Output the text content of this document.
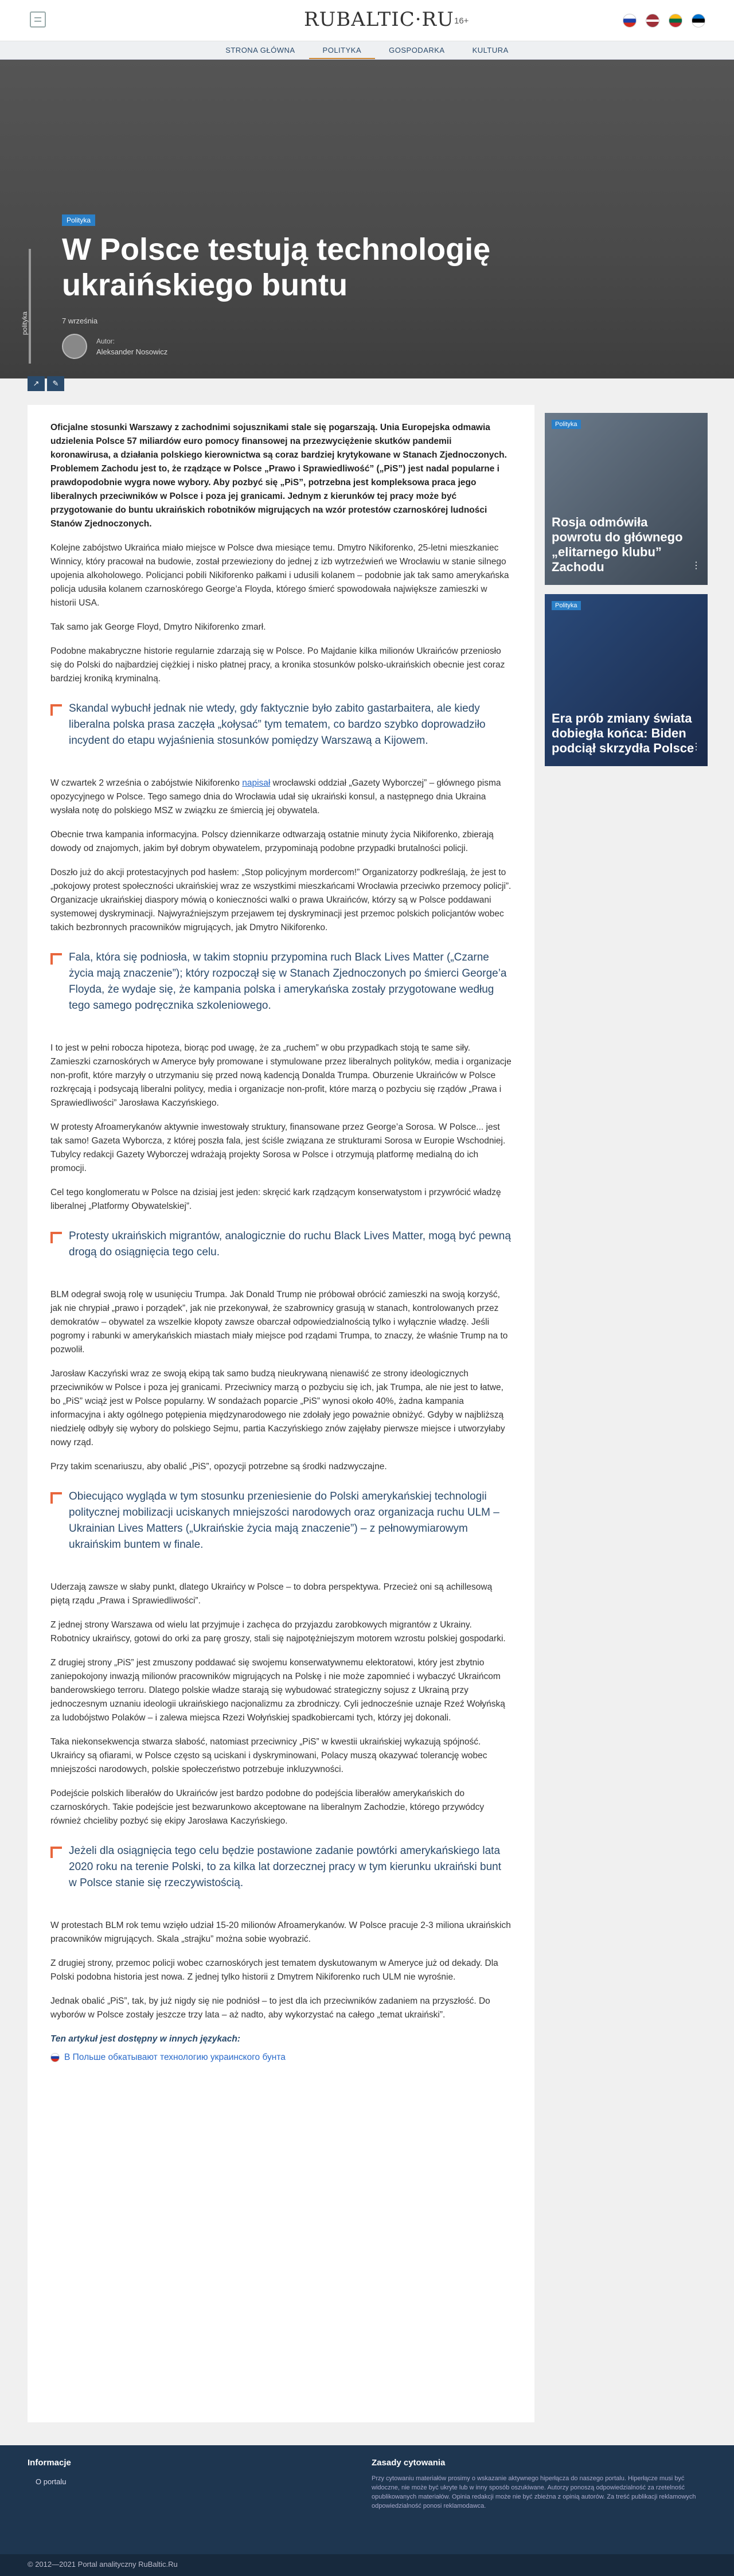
RUBALTIC·RU 16+
STRONA GŁÓWNA	POLITYKA	GOSPODARKA	KULTURA
polityka
Polityka
W Polsce testują technologię ukraińskiego buntu
7 września
Autor:
Aleksander Nosowicz
↗	✎

Oficjalne stosunki Warszawy z zachodnimi sojusznikami stale się pogarszają. Unia Europejska odmawia udzielenia Polsce 57 miliardów euro pomocy finansowej na przezwyciężenie skutków pandemii koronawirusa, a działania polskiego kierownictwa są coraz bardziej krytykowane w Stanach Zjednoczonych. Problemem Zachodu jest to, że rządzące w Polsce „Prawo i Sprawiedliwość” („PiS”) jest nadal popularne i prawdopodobnie wygra nowe wybory. Aby pozbyć się „PiS”, potrzebna jest kompleksowa praca jego liberalnych przeciwników w Polsce i poza jej granicami. Jednym z kierunków tej pracy może być przygotowanie do buntu ukraińskich robotników migrujących na wzór protestów czarnoskórej ludności Stanów Zjednoczonych.

Kolejne zabójstwo Ukraińca miało miejsce w Polsce dwa miesiące temu. Dmytro Nikiforenko, 25-letni mieszkaniec Winnicy, który pracował na budowie, został przewieziony do jednej z izb wytrzeźwień we Wrocławiu w stanie silnego upojenia alkoholowego. Policjanci pobili Nikiforenko pałkami i udusili kolanem – podobnie jak tak samo amerykańska policja udusiła kolanem czarnoskórego George’a Floyda, którego śmierć spowodowała największe zamieszki w historii USA.

Tak samo jak George Floyd, Dmytro Nikiforenko zmarł.

Podobne makabryczne historie regularnie zdarzają się w Polsce. Po Majdanie kilka milionów Ukraińców przeniosło się do Polski do najbardziej ciężkiej i nisko płatnej pracy, a kronika stosunków polsko-ukraińskich obecnie jest coraz bardziej kroniką kryminalną.

Skandal wybuchł jednak nie wtedy, gdy faktycznie było zabito gastarbaitera, ale kiedy liberalna polska prasa zaczęła „kołysać” tym tematem, co bardzo szybko doprowadziło incydent do etapu wyjaśnienia stosunków pomiędzy Warszawą a Kijowem.

W czwartek 2 września o zabójstwie Nikiforenko napisał wrocławski oddział „Gazety Wyborczej” – głównego pisma opozycyjnego w Polsce. Tego samego dnia do Wrocławia udał się ukraiński konsul, a następnego dnia Ukraina wysłała notę do polskiego MSZ w związku ze śmiercią jej obywatela.

Obecnie trwa kampania informacyjna. Polscy dziennikarze odtwarzają ostatnie minuty życia Nikiforenko, zbierają dowody od znajomych, jakim był dobrym obywatelem, przypominają podobne przypadki brutalności policji.

Doszło już do akcji protestacyjnych pod hasłem: „Stop policyjnym mordercom!” Organizatorzy podkreślają, że jest to „pokojowy protest społeczności ukraińskiej wraz ze wszystkimi mieszkańcami Wrocławia przeciwko przemocy policji”. Organizacje ukraińskiej diaspory mówią o konieczności walki o prawa Ukraińców, którzy są w Polsce poddawani systemowej dyskryminacji. Najwyraźniejszym przejawem tej dyskryminacji jest przemoc polskich policjantów wobec takich bezbronnych pracowników migrujących, jak Dmytro Nikiforenko.

Fala, która się podniosła, w takim stopniu przypomina ruch Black Lives Matter („Czarne życia mają znaczenie”); który rozpoczął się w Stanach Zjednoczonych po śmierci George’a Floyda, że wydaje się, że kampania polska i amerykańska zostały przygotowane według tego samego podręcznika szkoleniowego.

I to jest w pełni robocza hipoteza, biorąc pod uwagę, że za „ruchem” w obu przypadkach stoją te same siły. Zamieszki czarnoskórych w Ameryce były promowane i stymulowane przez liberalnych polityków, media i organizacje non-profit, które marzyły o utrzymaniu się przed nową kadencją Donalda Trumpa. Oburzenie Ukraińców w Polsce rozkręcają i podsycają liberalni politycy, media i organizacje non-profit, które marzą o pozbyciu się rządów „Prawa i Sprawiedliwości” Jarosława Kaczyńskiego.

W protesty Afroamerykanów aktywnie inwestowały struktury, finansowane przez George’a Sorosa. W Polsce... jest tak samo! Gazeta Wyborcza, z której poszła fala, jest ściśle związana ze strukturami Sorosa w Europie Wschodniej. Tubylcy redakcji Gazety Wyborczej wdrażają projekty Sorosa w Polsce i otrzymują platformę medialną do ich promocji.

Cel tego konglomeratu w Polsce na dzisiaj jest jeden: skręcić kark rządzącym konserwatystom i przywrócić władzę liberalnej „Platformy Obywatelskiej”.

Protesty ukraińskich migrantów, analogicznie do ruchu Black Lives Matter, mogą być pewną drogą do osiągnięcia tego celu.

BLM odegrał swoją rolę w usunięciu Trumpa. Jak Donald Trump nie próbował obrócić zamieszki na swoją korzyść, jak nie chrypiał „prawo i porządek”, jak nie przekonywał, że szabrownicy grasują w stanach, kontrolowanych przez demokratów – obywatel za wszelkie kłopoty zawsze obarczał odpowiedzialnością tylko i wyłącznie władzę. Jeśli pogromy i rabunki w amerykańskich miastach miały miejsce pod rządami Trumpa, to znaczy, że właśnie Trump na to pozwolił.

Jarosław Kaczyński wraz ze swoją ekipą tak samo budzą nieukrywaną nienawiść ze strony ideologicznych przeciwników w Polsce i poza jej granicami. Przeciwnicy marzą o pozbyciu się ich, jak Trumpa, ale nie jest to łatwe, bo „PiS” wciąż jest w Polsce popularny. W sondażach poparcie „PiS” wynosi około 40%, żadna kampania informacyjna i akty ogólnego potępienia międzynarodowego nie zdołały jego poważnie obniżyć. Gdyby w najbliższą niedzielę odbyły się wybory do polskiego Sejmu, partia Kaczyńskiego znów zajęłaby pierwsze miejsce i utworzyłaby nowy rząd.

Przy takim scenariuszu, aby obalić „PiS”, opozycji potrzebne są środki nadzwyczajne.

Obiecująco wygląda w tym stosunku przeniesienie do Polski amerykańskiej technologii politycznej mobilizacji uciskanych mniejszości narodowych oraz organizacja ruchu ULM – Ukrainian Lives Matters („Ukraińskie życia mają znaczenie”) – z pełnowymiarowym ukraińskim buntem w finale.

Uderzają zawsze w słaby punkt, dlatego Ukraińcy w Polsce – to dobra perspektywa. Przecież oni są achillesową piętą rządu „Prawa i Sprawiedliwości”.

Z jednej strony Warszawa od wielu lat przyjmuje i zachęca do przyjazdu zarobkowych migrantów z Ukrainy. Robotnicy ukraińscy, gotowi do orki za parę groszy, stali się najpotężniejszym motorem wzrostu polskiej gospodarki.

Z drugiej strony „PiS” jest zmuszony poddawać się swojemu konserwatywnemu elektoratowi, który jest zbytnio zaniepokojony inwazją milionów pracowników migrujących na Polskę i nie może zapomnieć i wybaczyć Ukraińcom banderowskiego terroru. Dlatego polskie władze starają się wybudować strategiczny sojusz z Ukrainą przy jednoczesnym uznaniu ideologii ukraińskiego nacjonalizmu za zbrodniczy. Cyli jednocześnie uznaje Rzeź Wołyńską za ludobójstwo Polaków – i zalewa miejsca Rzezi Wołyńskiej spadkobiercami tych, którzy jej dokonali.

Taka niekonsekwencja stwarza słabość, natomiast przeciwnicy „PiS” w kwestii ukraińskiej wykazują spójność. Ukraińcy są ofiarami, w Polsce często są uciskani i dyskryminowani, Polacy muszą okazywać tolerancję wobec mniejszości narodowych, polskie społeczeństwo potrzebuje inkluzywności.

Podejście polskich liberałów do Ukraińców jest bardzo podobne do podejścia liberałów amerykańskich do czarnoskórych. Takie podejście jest bezwarunkowo akceptowane na liberalnym Zachodzie, którego przywódcy również chcieliby pozbyć się ekipy Jarosława Kaczyńskiego.

Jeżeli dla osiągnięcia tego celu będzie postawione zadanie powtórki amerykańskiego lata 2020 roku na terenie Polski, to za kilka lat dorzecznej pracy w tym kierunku ukraiński bunt w Polsce stanie się rzeczywistością.

W protestach BLM rok temu wzięło udział 15-20 milionów Afroamerykanów. W Polsce pracuje 2-3 miliona ukraińskich pracowników migrujących. Skala „strajku” można sobie wyobrazić.

Z drugiej strony, przemoc policji wobec czarnoskórych jest tematem dyskutowanym w Ameryce już od dekady. Dla Polski podobna historia jest nowa. Z jednej tylko historii z Dmytrem Nikiforenko ruch ULM nie wyrośnie.

Jednak obalić „PiS”, tak, by już nigdy się nie podniósł – to jest dla ich przeciwników zadaniem na przyszłość. Do wyborów w Polsce zostały jeszcze trzy lata – aż nadto, aby wykorzystać na całego „temat ukraiński”.

Ten artykuł jest dostępny w innych językach:
В Польше обкатывают технологию украинского бунта
Polityka
Rosja odmówiła powrotu do głównego „elitarnego klubu” Zachodu	⋮
Polityka
Era prób zmiany świata dobiegła końca: Biden podciął skrzydła Polsce
⋮
Informacje
O portalu
Zasady cytowania
Przy cytowaniu materiałów prosimy o wskazanie aktywnego hiperłącza do naszego portalu. Hiperłącze musi być widoczne, nie może być ukryte lub w inny sposób oszukiwane. Autorzy ponoszą odpowiedzialność za rzetelność opublikowanych materiałów. Opinia redakcji może nie być zbieżna z opinią autorów. Za treść publikacji reklamowych odpowiedzialność ponosi reklamodawca.
© 2012—2021 Portal analityczny RuBaltic.Ru
